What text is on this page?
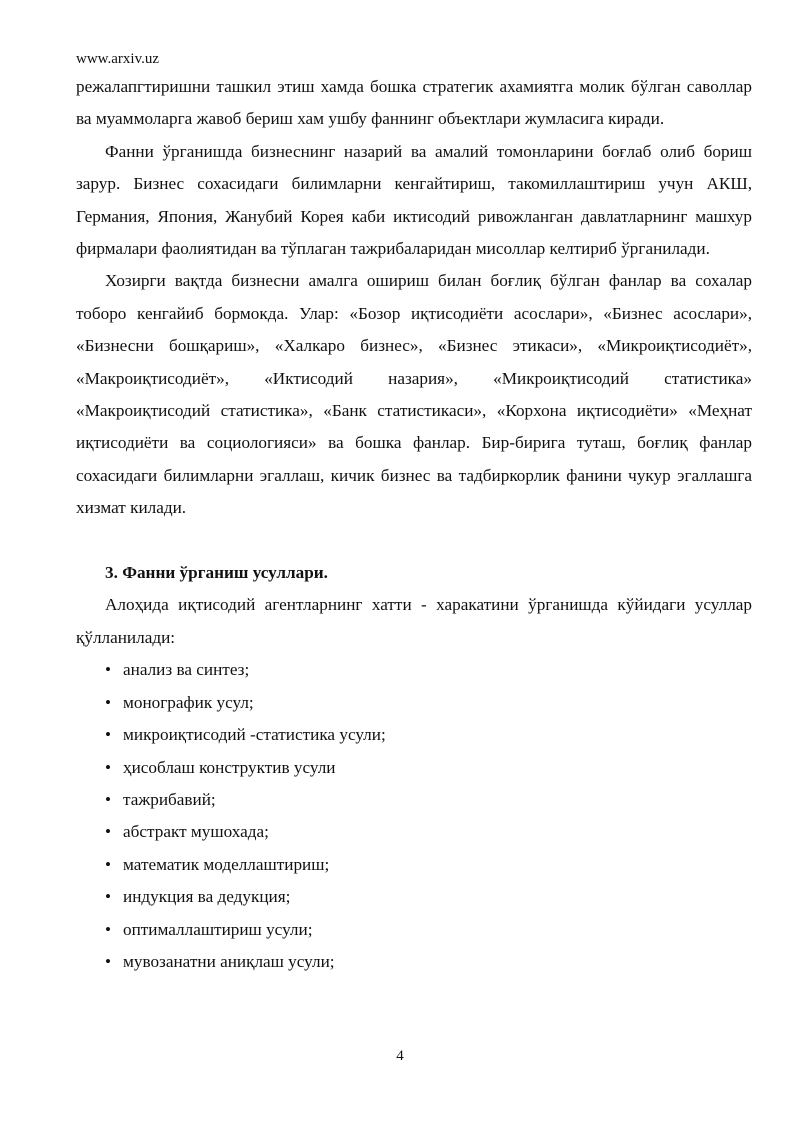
www.arxiv.uz

режалапгтиришни ташкил этиш хамда бошка стратегик ахамиятга молик бўлган саволлар ва муаммоларга жавоб бериш хам ушбу фаннинг объектлари жумласига киради.

Фанни ўрганишда бизнеснинг назарий ва амалий томонларини боғлаб олиб бориш зарур. Бизнес сохасидаги билимларни кенгайтириш, такомиллаштириш учун АКШ, Германия, Япония, Жанубий Корея каби иктисодий ривожланган давлатларнинг машхур фирмалари фаолиятидан ва тўплаган тажрибаларидан мисоллар келтириб ўрганилади.

Хозирги вақтда бизнесни амалга ошириш билан боғлиқ бўлган фанлар ва сохалар тоборо кенгайиб бормокда. Улар: «Бозор иқтисодиёти асослари», «Бизнес асослари», «Бизнесни бошқариш», «Халкаро бизнес», «Бизнес этикаси», «Микроиқтисодиёт», «Макроиқтисодиёт», «Иктисодий назария», «Микроиқтисодий статистика» «Макроиқтисодий статистика», «Банк статистикаси», «Корхона иқтисодиёти» «Меҳнат иқтисодиёти ва социологияси» ва бошка фанлар. Бир-бирига туташ, боғлиқ фанлар сохасидаги билимларни эгаллаш, кичик бизнес ва тадбиркорлик фанини чукур эгаллашга хизмат килади.

3. Фанни ўрганиш усуллари.

Алоҳида иқтисодий агентларнинг хатти - харакатини ўрганишда кўйидаги усуллар қўлланилади:

• анализ ва синтез;
• монографик усул;
• микроиқтисодий -статистика усули;
• ҳисоблаш конструктив усули
• тажрибавий;
• абстракт мушохада;
• математик моделлаштириш;
• индукция ва дедукция;
• оптималлаштириш усули;
• мувозанатни аниқлаш усули;
4
